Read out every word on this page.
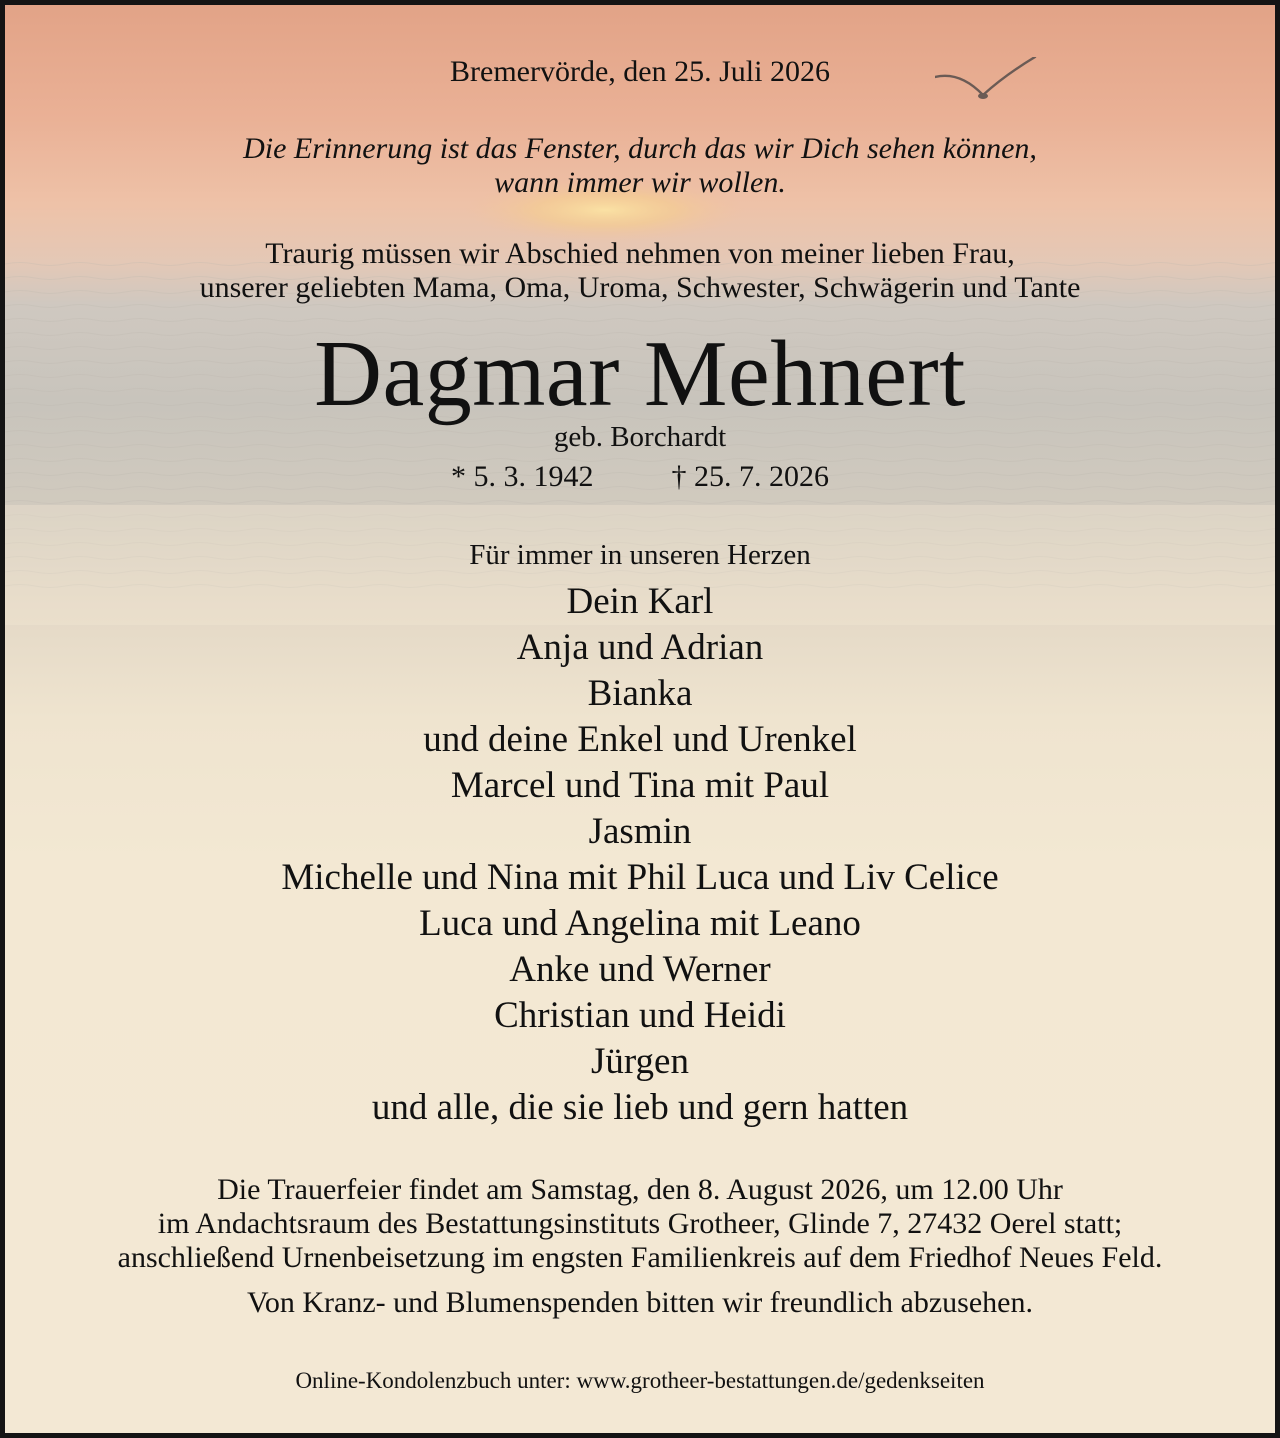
Bremervörde, den 25. Juli 2026
Die Erinnerung ist das Fenster, durch das wir Dich sehen können,
wann immer wir wollen.
Traurig müssen wir Abschied nehmen von meiner lieben Frau,
unserer geliebten Mama, Oma, Uroma, Schwester, Schwägerin und Tante
Dagmar Mehnert
geb. Borchardt
* 5. 3. 1942	† 25. 7. 2026
Für immer in unseren Herzen
Dein Karl
Anja und Adrian
Bianka
und deine Enkel und Urenkel
Marcel und Tina mit Paul
Jasmin
Michelle und Nina mit Phil Luca und Liv Celice
Luca und Angelina mit Leano
Anke und Werner
Christian und Heidi
Jürgen
und alle, die sie lieb und gern hatten
Die Trauerfeier findet am Samstag, den 8. August 2026, um 12.00 Uhr
im Andachtsraum des Bestattungsinstituts Grotheer, Glinde 7, 27432 Oerel statt;
anschließend Urnenbeisetzung im engsten Familienkreis auf dem Friedhof Neues Feld.
Von Kranz- und Blumenspenden bitten wir freundlich abzusehen.
Online-Kondolenzbuch unter: www.grotheer-bestattungen.de/gedenkseiten
